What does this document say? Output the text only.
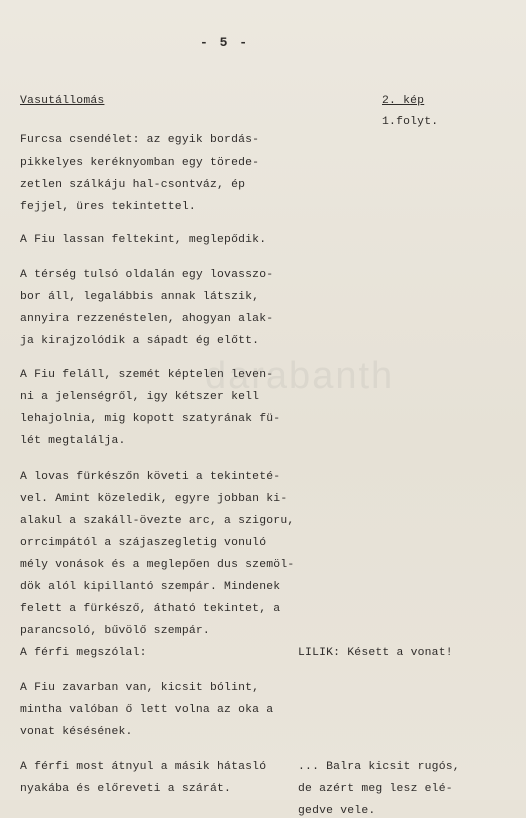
- 5 -
Vasutállomás	2. kép
1.folyt.
Furcsa csendélet: az egyik bordás-
pikkelyes keréknyomban egy törede-
zetlen szálkáju hal-csontváz, ép
fejjel, üres tekintettel.
A Fiu lassan feltekint, meglepődik.
A térség tulsó oldalán egy lovasszo-
bor áll, legalábbis annak látszik,
annyira rezzenéstelen, ahogyan alak-
ja kirajzolódik a sápadt ég előtt.
A Fiu feláll, szemét képtelen leven-
ni a jelenségről, igy kétszer kell
lehajolnia, mig kopott szatyrának fü-
lét megtalálja.
A lovas fürkészőn követi a tekinteté-
vel. Amint közeledik, egyre jobban ki-
alakul a szakáll-övezte arc, a szigoru,
orrcimpától a szájaszegletig vonuló
mély vonások és a meglepően dus szemöl-
dök alól kipillantó szempár. Mindenek
felett a fürkésző, átható tekintet, a
parancsoló, bűvölő szempár.
A férfi megszólal:	LILIK: Késett a vonat!
A Fiu zavarban van, kicsit bólint,
mintha valóban ő lett volna az oka a
vonat késésének.
A férfi most átnyul a másik hátasló
nyakába és előreveti a szárát.
... Balra kicsit rugós,
de azért meg lesz elé-
gedve vele.
darabanth
